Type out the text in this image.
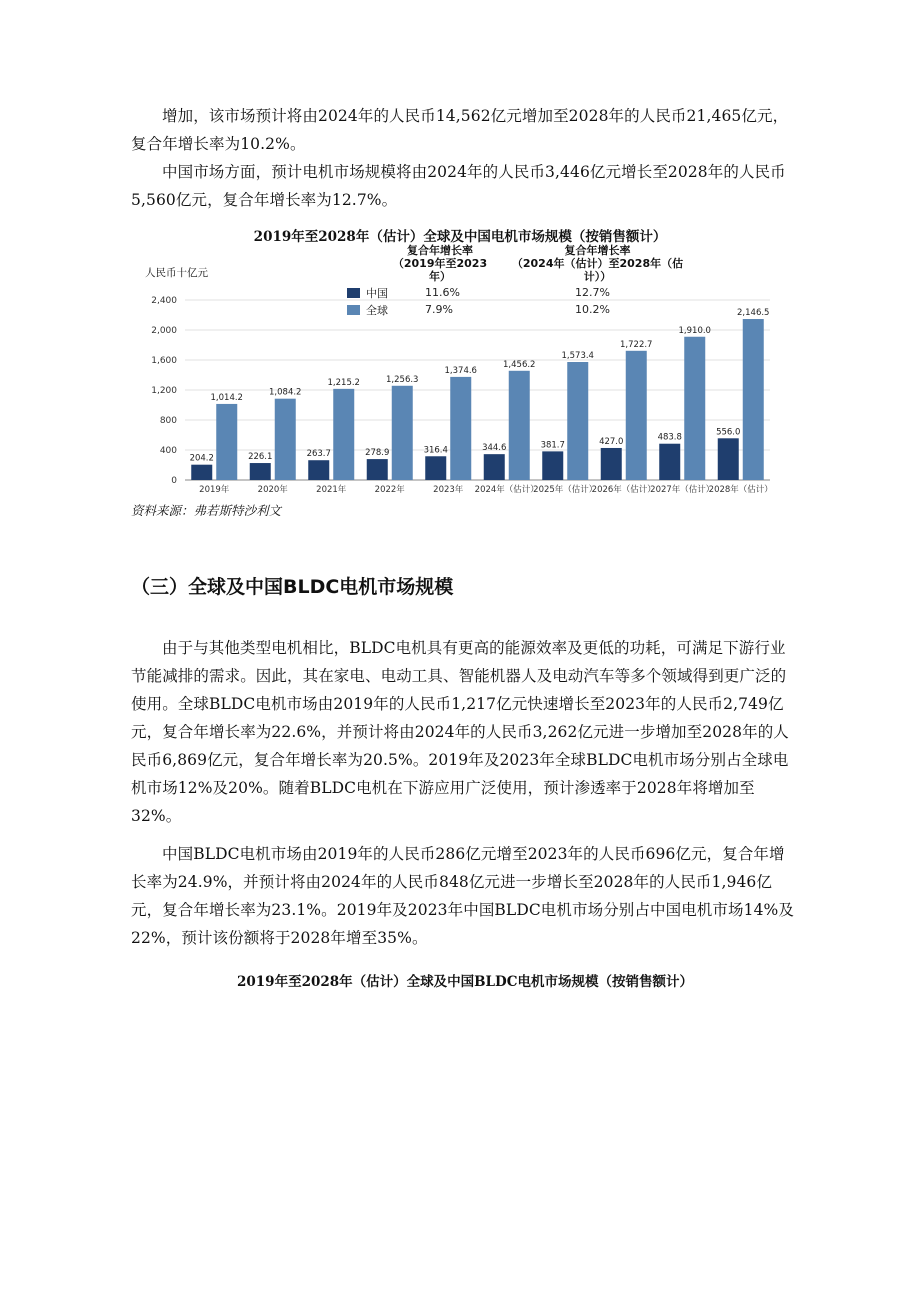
增加，该市场预计将由2024年的人民币14,562亿元增加至2028年的人民币21,465亿元，复合年增长率为10.2%。

中国市场方面，预计电机市场规模将由2024年的人民币3,446亿元增长至2028年的人民币5,560亿元，复合年增长率为12.7%。

2019年至2028年（估计）全球及中国电机市场规模（按销售额计）

复合年增长率
（2019年至2023年）
复合年增长率
（2024年（估计）至2028年（估计））
人民币十亿元
中国
全球
11.6%
7.9%
12.7%
10.2%
0
400
800
1,200
1,600
2,000
2,400
204.2
1,014.2
226.1
1,084.2
263.7
1,215.2
278.9
1,256.3
316.4
1,374.6
344.6
1,456.2
381.7
1,573.4
427.0
1,722.7
483.8
1,910.0
556.0
2,146.5
2019年	2020年	2021年	2022年	2023年 2024年（估计）
2025年（估计）
2026年（估计）
2027年（估计）
2028年（估计）

资料来源：弗若斯特沙利文

（三）全球及中国BLDC电机市场规模

由于与其他类型电机相比，BLDC电机具有更高的能源效率及更低的功耗，可满足下游行业节能减排的需求。因此，其在家电、电动工具、智能机器人及电动汽车等多个领域得到更广泛的使用。全球BLDC电机市场由2019年的人民币1,217亿元快速增长至2023年的人民币2,749亿元，复合年增长率为22.6%，并预计将由2024年的人民币3,262亿元进一步增加至2028年的人民币6,869亿元，复合年增长率为20.5%。2019年及2023年全球BLDC电机市场分别占全球电机市场12%及20%。随着BLDC电机在下游应用广泛使用，预计渗透率于2028年将增加至32%。

中国BLDC电机市场由2019年的人民币286亿元增至2023年的人民币696亿元，复合年增长率为24.9%，并预计将由2024年的人民币848亿元进一步增长至2028年的人民币1,946亿元，复合年增长率为23.1%。2019年及2023年中国BLDC电机市场分别占中国电机市场14%及22%，预计该份额将于2028年增至35%。

2019年至2028年（估计）全球及中国BLDC电机市场规模（按销售额计）
